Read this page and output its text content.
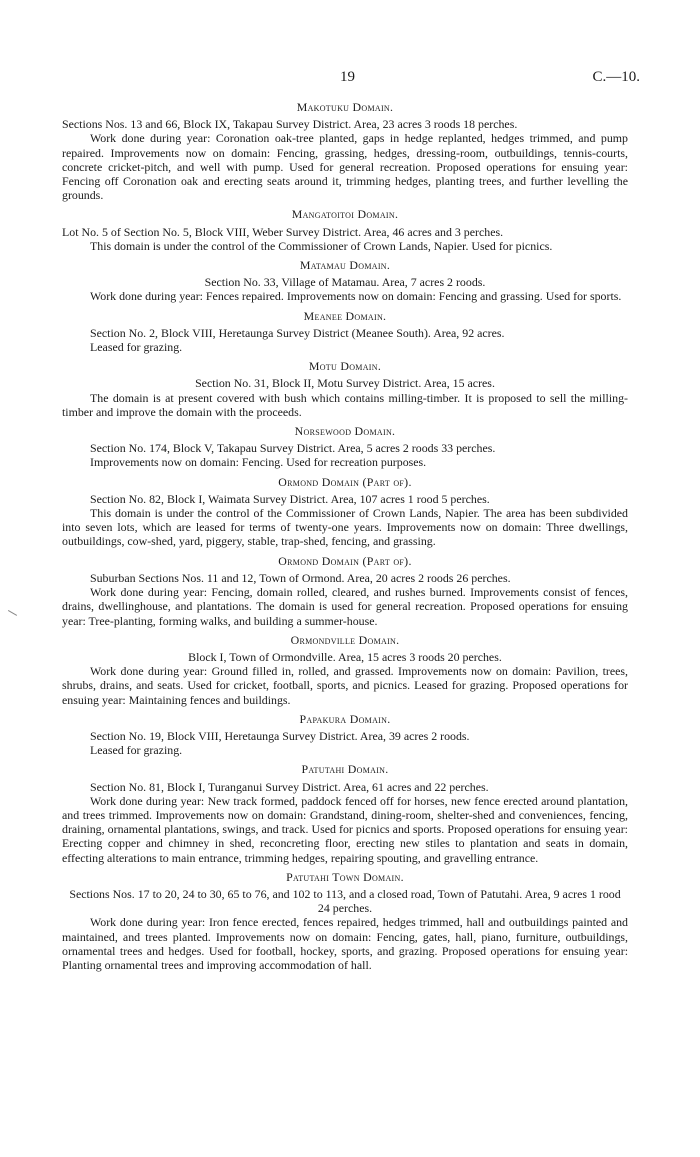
19	C.—10.
Makotuku Domain.

Sections Nos. 13 and 66, Block IX, Takapau Survey District. Area, 23 acres 3 roods 18 perches.

Work done during year: Coronation oak-tree planted, gaps in hedge replanted, hedges trimmed, and pump repaired. Improvements now on domain: Fencing, grassing, hedges, dressing-room, outbuildings, tennis-courts, concrete cricket-pitch, and well with pump. Used for general recreation. Proposed operations for ensuing year: Fencing off Coronation oak and erecting seats around it, trimming hedges, planting trees, and further levelling the grounds.

Mangatoitoi Domain.

Lot No. 5 of Section No. 5, Block VIII, Weber Survey District. Area, 46 acres and 3 perches.

This domain is under the control of the Commissioner of Crown Lands, Napier. Used for picnics.

Matamau Domain.

Section No. 33, Village of Matamau. Area, 7 acres 2 roods.

Work done during year: Fences repaired. Improvements now on domain: Fencing and grassing. Used for sports.

Meanee Domain.

Section No. 2, Block VIII, Heretaunga Survey District (Meanee South). Area, 92 acres.

Leased for grazing.

Motu Domain.

Section No. 31, Block II, Motu Survey District. Area, 15 acres.

The domain is at present covered with bush which contains milling-timber. It is proposed to sell the milling-timber and improve the domain with the proceeds.

Norsewood Domain.

Section No. 174, Block V, Takapau Survey District. Area, 5 acres 2 roods 33 perches.

Improvements now on domain: Fencing. Used for recreation purposes.

Ormond Domain (Part of).

Section No. 82, Block I, Waimata Survey District. Area, 107 acres 1 rood 5 perches.

This domain is under the control of the Commissioner of Crown Lands, Napier. The area has been subdivided into seven lots, which are leased for terms of twenty-one years. Improvements now on domain: Three dwellings, outbuildings, cow-shed, yard, piggery, stable, trap-shed, fencing, and grassing.

Ormond Domain (Part of).

Suburban Sections Nos. 11 and 12, Town of Ormond. Area, 20 acres 2 roods 26 perches.

Work done during year: Fencing, domain rolled, cleared, and rushes burned. Improvements consist of fences, drains, dwellinghouse, and plantations. The domain is used for general recreation. Proposed operations for ensuing year: Tree-planting, forming walks, and building a summer-house.

Ormondville Domain.

Block I, Town of Ormondville. Area, 15 acres 3 roods 20 perches.

Work done during year: Ground filled in, rolled, and grassed. Improvements now on domain: Pavilion, trees, shrubs, drains, and seats. Used for cricket, football, sports, and picnics. Leased for grazing. Proposed operations for ensuing year: Maintaining fences and buildings.

Papakura Domain.

Section No. 19, Block VIII, Heretaunga Survey District. Area, 39 acres 2 roods.

Leased for grazing.

Patutahi Domain.

Section No. 81, Block I, Turanganui Survey District. Area, 61 acres and 22 perches.

Work done during year: New track formed, paddock fenced off for horses, new fence erected around plantation, and trees trimmed. Improvements now on domain: Grandstand, dining-room, shelter-shed and conveniences, fencing, draining, ornamental plantations, swings, and track. Used for picnics and sports. Proposed operations for ensuing year: Erecting copper and chimney in shed, reconcreting floor, erecting new stiles to plantation and seats in domain, effecting alterations to main entrance, trimming hedges, repairing spouting, and gravelling entrance.

Patutahi Town Domain.

Sections Nos. 17 to 20, 24 to 30, 65 to 76, and 102 to 113, and a closed road, Town of Patutahi. Area, 9 acres 1 rood 24 perches.

Work done during year: Iron fence erected, fences repaired, hedges trimmed, hall and outbuildings painted and maintained, and trees planted. Improvements now on domain: Fencing, gates, hall, piano, furniture, outbuildings, ornamental trees and hedges. Used for football, hockey, sports, and grazing. Proposed operations for ensuing year: Planting ornamental trees and improving accommodation of hall.
